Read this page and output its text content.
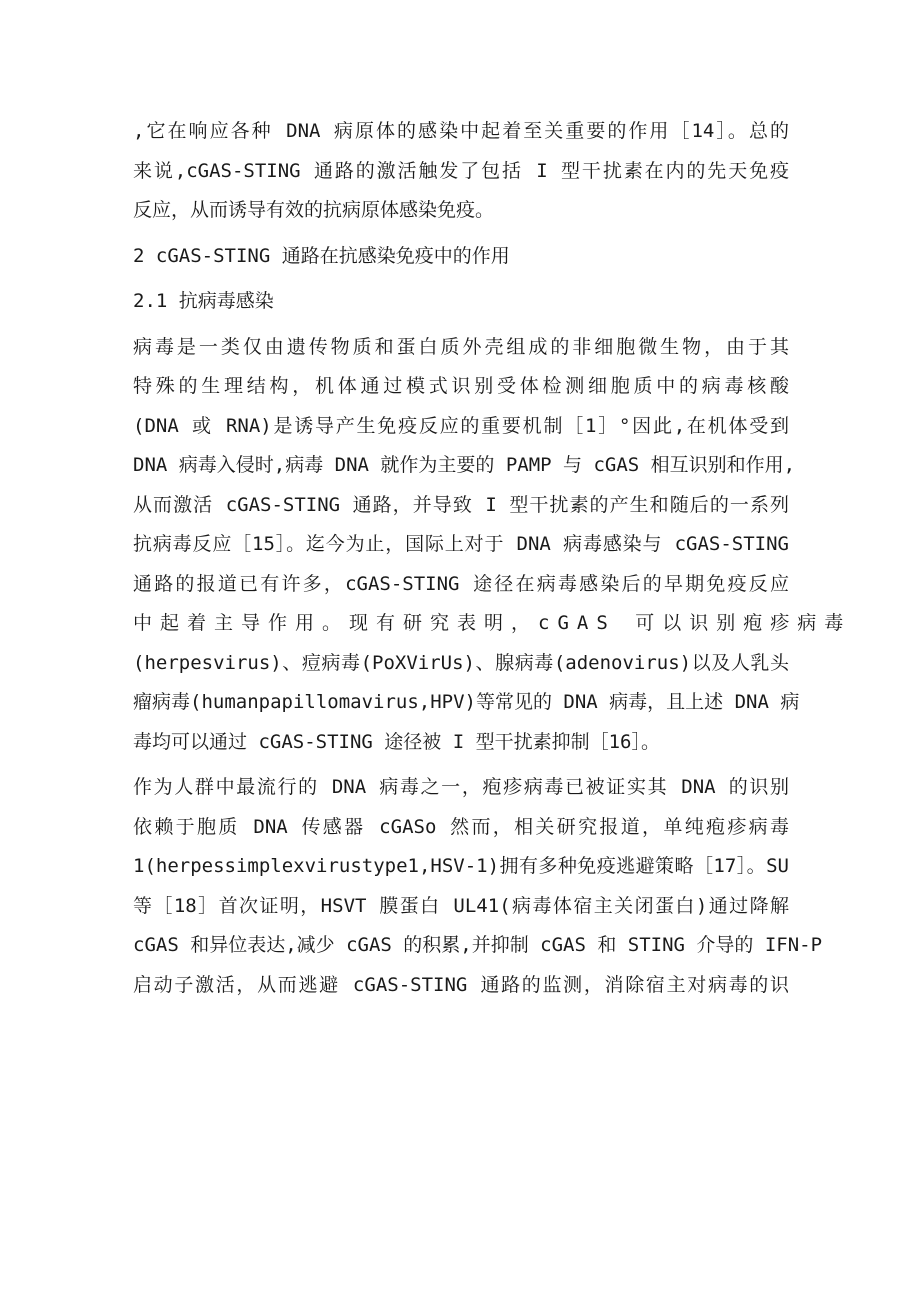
,它在响应各种 DNA 病原体的感染中起着至关重要的作用［14］。总的
来说,cGAS-STING 通路的激活触发了包括 I 型干扰素在内的先天免疫
反应，从而诱导有效的抗病原体感染免疫。
2 cGAS-STING 通路在抗感染免疫中的作用
2.1 抗病毒感染
病毒是一类仅由遗传物质和蛋白质外壳组成的非细胞微生物，由于其
特殊的生理结构，机体通过模式识别受体检测细胞质中的病毒核酸
(DNA 或 RNA)是诱导产生免疫反应的重要机制［1］°因此,在机体受到
DNA 病毒入侵时,病毒 DNA 就作为主要的 PAMP 与 cGAS 相互识别和作用,
从而激活 cGAS-STING 通路，并导致 I 型干扰素的产生和随后的一系列
抗病毒反应［15］。迄今为止，国际上对于 DNA 病毒感染与 cGAS-STING
通路的报道已有许多，cGAS-STING 途径在病毒感染后的早期免疫反应
中起着主导作用。现有研究表明，cGAS 可以识别疱疹病毒
(herpesvirus)、痘病毒(PoXVirUs)、腺病毒(adenovirus)以及人乳头
瘤病毒(humanpapillomavirus,HPV)等常见的 DNA 病毒，且上述 DNA 病
毒均可以通过 cGAS-STING 途径被 I 型干扰素抑制［16］。
作为人群中最流行的 DNA 病毒之一，疱疹病毒已被证实其 DNA 的识别
依赖于胞质 DNA 传感器 cGASo 然而，相关研究报道，单纯疱疹病毒
1(herpessimplexvirustype1,HSV-1)拥有多种免疫逃避策略［17］。SU
等［18］首次证明，HSVT 膜蛋白 UL41(病毒体宿主关闭蛋白)通过降解
cGAS 和异位表达,减少 cGAS 的积累,并抑制 cGAS 和 STING 介导的 IFN-P
启动子激活，从而逃避 cGAS-STING 通路的监测，消除宿主对病毒的识
